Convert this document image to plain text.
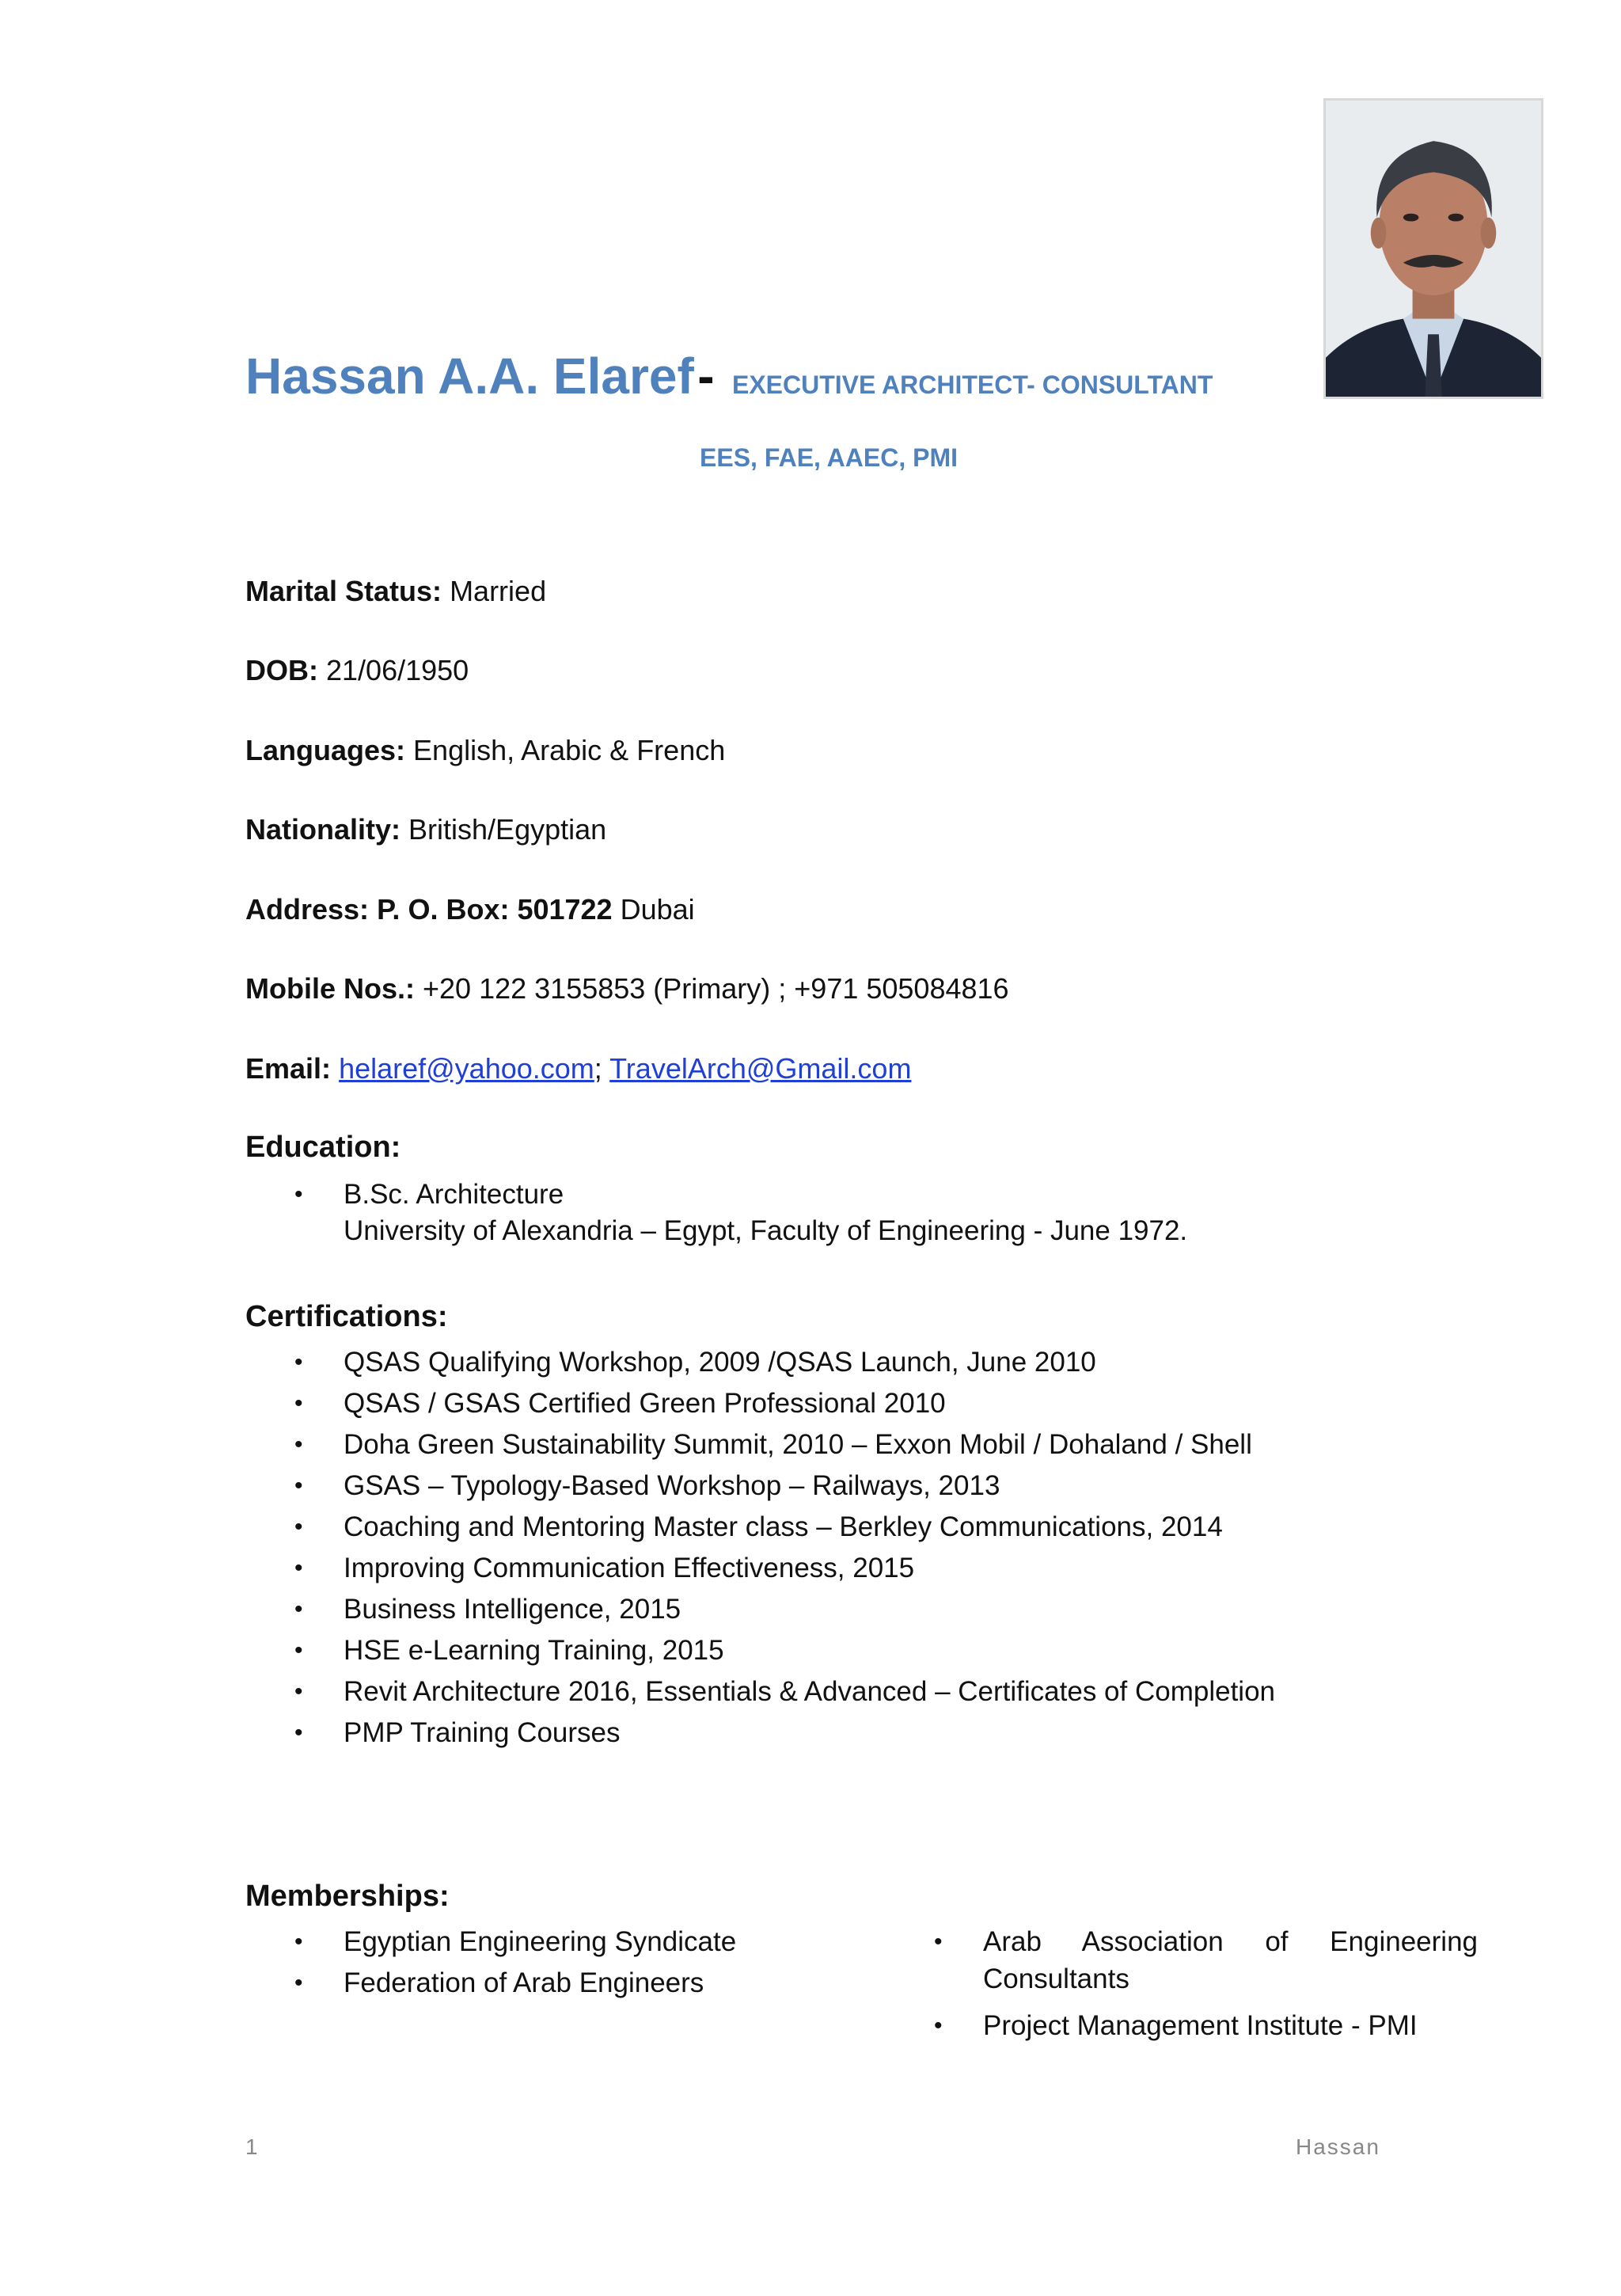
Hassan A.A. Elaref - EXECUTIVE ARCHITECT- CONSULTANT
EES, FAE, AAEC, PMI
Marital Status: Married
DOB: 21/06/1950
Languages: English, Arabic & French
Nationality: British/Egyptian
Address: P. O. Box: 501722 Dubai
Mobile Nos.: +20 122 3155853 (Primary) ; +971 505084816
Email: helaref@yahoo.com; TravelArch@Gmail.com
Education:
• B.Sc. Architecture
University of Alexandria – Egypt, Faculty of Engineering - June 1972.
Certifications:
• QSAS Qualifying Workshop, 2009 /QSAS Launch, June 2010
• QSAS / GSAS Certified Green Professional 2010
• Doha Green Sustainability Summit, 2010 – Exxon Mobil / Dohaland / Shell
• GSAS – Typology-Based Workshop – Railways, 2013
• Coaching and Mentoring Master class – Berkley Communications, 2014
• Improving Communication Effectiveness, 2015
• Business Intelligence, 2015
• HSE e-Learning Training, 2015
• Revit Architecture 2016, Essentials & Advanced – Certificates of Completion
• PMP Training Courses
Memberships:
• Egyptian Engineering Syndicate
• Federation of Arab Engineers
• Arab Association of Engineering
Consultants
• Project Management Institute - PMI
1	Hassan
